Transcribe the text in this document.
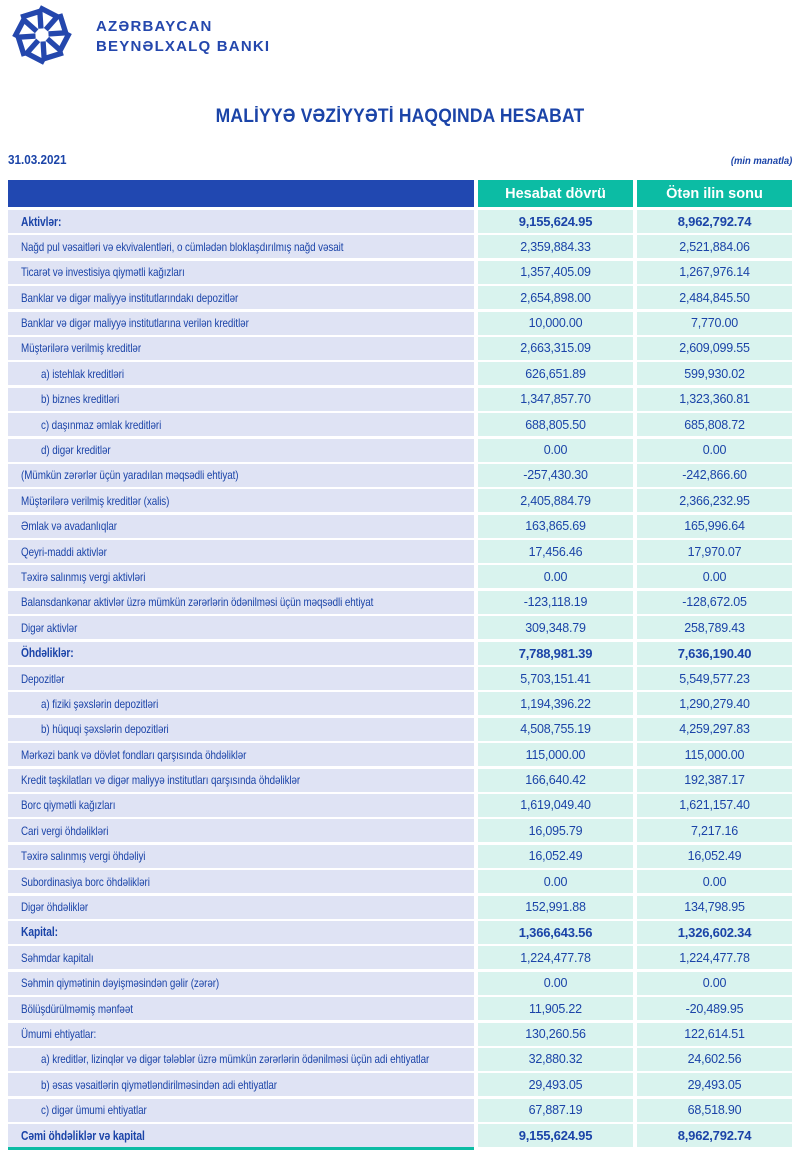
AZƏRBAYCAN
BEYNƏLXALQ BANKI
MALİYYƏ VƏZİYYƏTİ HAQQINDA HESABAT
31.03.2021	(min manatla)
Hesabat dövrü	Ötən ilin sonu
Aktivlər:	9,155,624.95	8,962,792.74
Nağd pul vəsaitləri və ekvivalentləri, o cümlədən bloklaşdırılmış nağd vəsait	2,359,884.33	2,521,884.06
Ticarət və investisiya qiymətli kağızları	1,357,405.09	1,267,976.14
Banklar və digər maliyyə institutlarındakı depozitlər	2,654,898.00	2,484,845.50
Banklar və digər maliyyə institutlarına verilən kreditlər	10,000.00	7,770.00
Müştərilərə verilmiş kreditlər	2,663,315.09	2,609,099.55
a) istehlak kreditləri	626,651.89	599,930.02
b) biznes kreditləri	1,347,857.70	1,323,360.81
c) daşınmaz əmlak kreditləri	688,805.50	685,808.72
d) digər kreditlər	0.00	0.00
(Mümkün zərərlər üçün yaradılan məqsədli ehtiyat)	-257,430.30	-242,866.60
Müştərilərə verilmiş kreditlər (xalis)	2,405,884.79	2,366,232.95
Əmlak və avadanlıqlar	163,865.69	165,996.64
Qeyri-maddi aktivlər	17,456.46	17,970.07
Təxirə salınmış vergi aktivləri	0.00	0.00
Balansdankənar aktivlər üzrə mümkün zərərlərin ödənilməsi üçün məqsədli ehtiyat	-123,118.19	-128,672.05
Digər aktivlər	309,348.79	258,789.43
Öhdəliklər:	7,788,981.39	7,636,190.40
Depozitlər	5,703,151.41	5,549,577.23
a) fiziki şəxslərin depozitləri	1,194,396.22	1,290,279.40
b) hüquqi şəxslərin depozitləri	4,508,755.19	4,259,297.83
Mərkəzi bank və dövlət fondları qarşısında öhdəliklər	115,000.00	115,000.00
Kredit təşkilatları və digər maliyyə institutları qarşısında öhdəliklər	166,640.42	192,387.17
Borc qiymətli kağızları	1,619,049.40	1,621,157.40
Cari vergi öhdəlikləri	16,095.79	7,217.16
Təxirə salınmış vergi öhdəliyi	16,052.49	16,052.49
Subordinasiya borc öhdəlikləri	0.00	0.00
Digər öhdəliklər	152,991.88	134,798.95
Kapital:	1,366,643.56	1,326,602.34
Səhmdar kapitalı	1,224,477.78	1,224,477.78
Səhmin qiymətinin dəyişməsindən gəlir (zərər)	0.00	0.00
Bölüşdürülməmiş mənfəət	11,905.22	-20,489.95
Ümumi ehtiyatlar:	130,260.56	122,614.51
a) kreditlər, lizinqlər və digər tələblər üzrə mümkün zərərlərin ödənilməsi üçün adi ehtiyatlar	32,880.32	24,602.56
b) əsas vəsaitlərin qiymətləndirilməsindən adi ehtiyatlar	29,493.05	29,493.05
c) digər ümumi ehtiyatlar	67,887.19	68,518.90
Cəmi öhdəliklər və kapital	9,155,624.95	8,962,792.74
